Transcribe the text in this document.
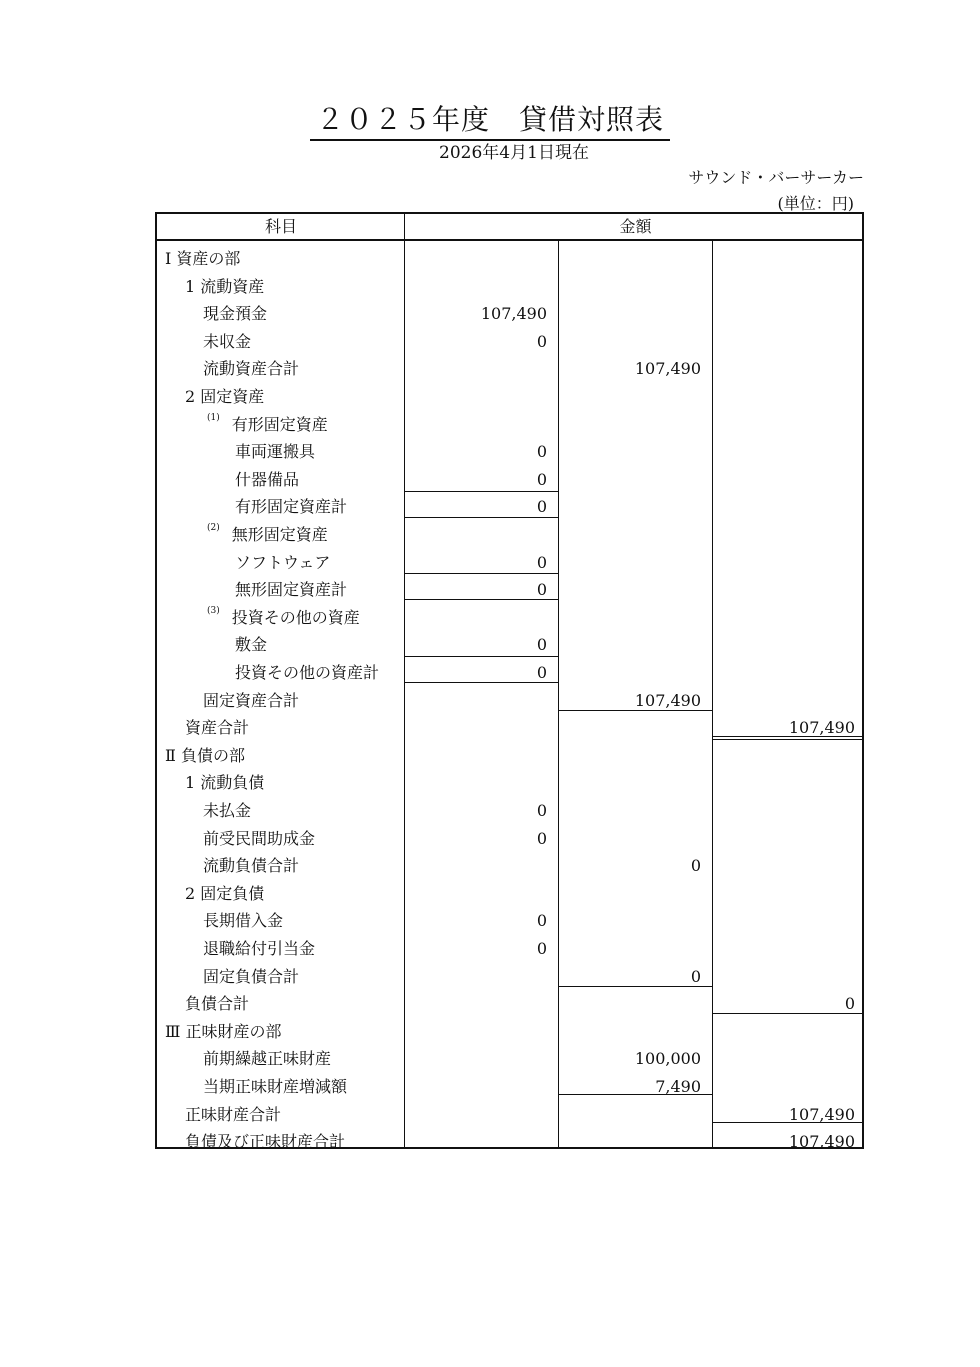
２０２５年度　貸借対照表
2026年4月1日現在
サウンド・バーサーカー
(単位：円)
科目	金額
Ⅰ 資産の部
1 流動資産
現金預金	107,490
未収金	0
流動資産合計	107,490
2 固定資産
(1) 有形固定資産
車両運搬具	0
什器備品	0
有形固定資産計	0
(2) 無形固定資産
ソフトウェア	0
無形固定資産計	0
(3) 投資その他の資産
敷金	0
投資その他の資産計	0
固定資産合計	107,490
資産合計	107,490
Ⅱ 負債の部
1 流動負債
未払金	0
前受民間助成金	0
流動負債合計	0
2 固定負債
長期借入金	0
退職給付引当金	0
固定負債合計	0
負債合計	0
Ⅲ 正味財産の部
前期繰越正味財産	100,000
当期正味財産増減額	7,490
正味財産合計	107,490
負債及び正味財産合計	107,490
